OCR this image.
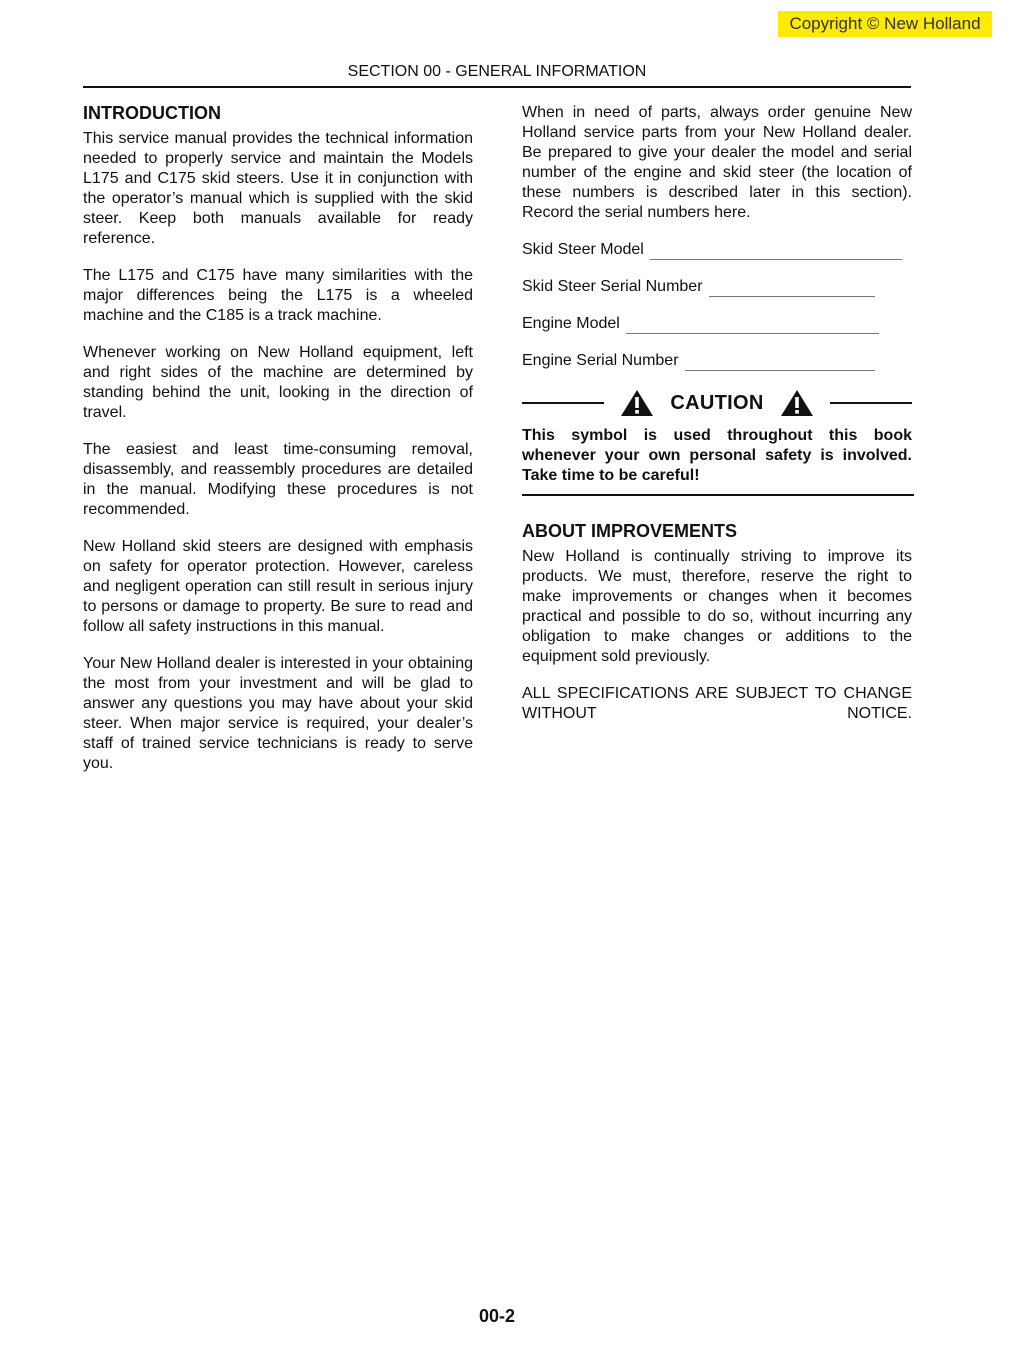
Copyright © New Holland
SECTION 00 - GENERAL INFORMATION
INTRODUCTION

This service manual provides the technical information needed to properly service and maintain the Models L175 and C175 skid steers. Use it in conjunction with the operator’s manual which is supplied with the skid steer. Keep both manuals available for ready reference.

The L175 and C175 have many similarities with the major differences being the L175 is a wheeled machine and the C185 is a track machine.

Whenever working on New Holland equipment, left and right sides of the machine are determined by standing behind the unit, looking in the direction of travel.

The easiest and least time-consuming removal, disassembly, and reassembly procedures are detailed in the manual. Modifying these procedures is not recommended.

New Holland skid steers are designed with emphasis on safety for operator protection. However, careless and negligent operation can still result in serious injury to persons or damage to property. Be sure to read and follow all safety instructions in this manual.

Your New Holland dealer is interested in your obtaining the most from your investment and will be glad to answer any questions you may have about your skid steer. When major service is required, your dealer’s staff of trained service technicians is ready to serve you.

When in need of parts, always order genuine New Holland service parts from your New Holland dealer. Be prepared to give your dealer the model and serial number of the engine and skid steer (the location of these numbers is described later in this section). Record the serial numbers here.

Skid Steer Model
Skid Steer Serial Number
Engine Model
Engine Serial Number
CAUTION
This symbol is used throughout this book whenever your own personal safety is involved. Take time to be careful!
ABOUT IMPROVEMENTS

New Holland is continually striving to improve its products. We must, therefore, reserve the right to make improvements or changes when it becomes practical and possible to do so, without incurring any obligation to make changes or additions to the equipment sold previously.

ALL SPECIFICATIONS ARE SUBJECT TO CHANGE WITHOUT NOTICE.

00-2
